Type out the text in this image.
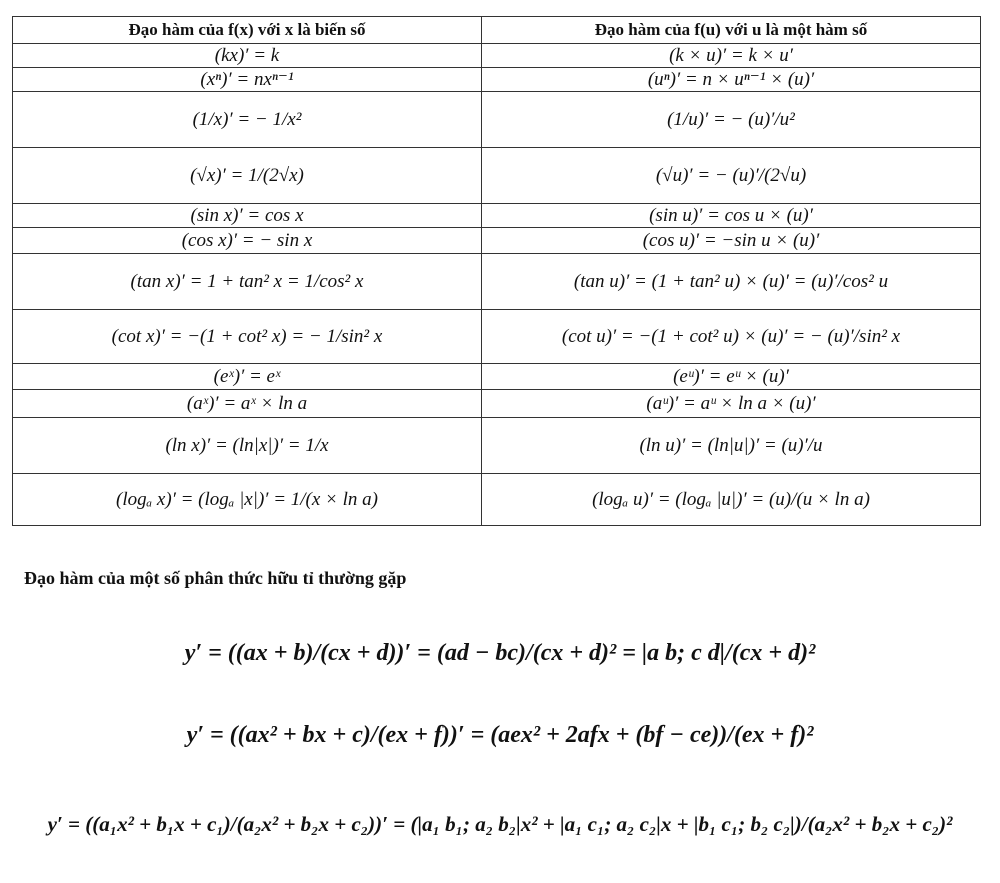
Đạo hàm của f(x) với x là biến số	Đạo hàm của f(u) với u là một hàm số
(kx)′ = k	(k × u)′ = k × u′
(xⁿ)′ = nxⁿ⁻¹	(uⁿ)′ = n × uⁿ⁻¹ × (u)′
(1/x)′ = − 1/x²	(1/u)′ = − (u)′/u²
(√x)′ = 1/(2√x)	(√u)′ = − (u)′/(2√u)
(sin x)′ = cos x	(sin u)′ = cos u × (u)′
(cos x)′ = − sin x	(cos u)′ = −sin u × (u)′
(tan x)′ = 1 + tan² x = 1/cos² x	(tan u)′ = (1 + tan² u) × (u)′ = (u)′/cos² u
(cot x)′ = −(1 + cot² x) = − 1/sin² x	(cot u)′ = −(1 + cot² u) × (u)′ = − (u)′/sin² x
(eˣ)′ = eˣ	(eᵘ)′ = eᵘ × (u)′
(aˣ)′ = aˣ × ln a	(aᵘ)′ = aᵘ × ln a × (u)′
(ln x)′ = (ln|x|)′ = 1/x	(ln u)′ = (ln|u|)′ = (u)′/u
(logₐ x)′ = (logₐ |x|)′ = 1/(x × ln a)	(logₐ u)′ = (logₐ |u|)′ = (u)/(u × ln a)
Đạo hàm của một số phân thức hữu tỉ thường gặp
y′ = ((ax + b)/(cx + d))′ = (ad − bc)/(cx + d)² = |a b; c d|/(cx + d)²
y′ = ((ax² + bx + c)/(ex + f))′ = (aex² + 2afx + (bf − ce))/(ex + f)²
y′ = ((a₁x² + b₁x + c₁)/(a₂x² + b₂x + c₂))′ = (|a₁ b₁; a₂ b₂|x² + |a₁ c₁; a₂ c₂|x + |b₁ c₁; b₂ c₂|)/(a₂x² + b₂x + c₂)²
